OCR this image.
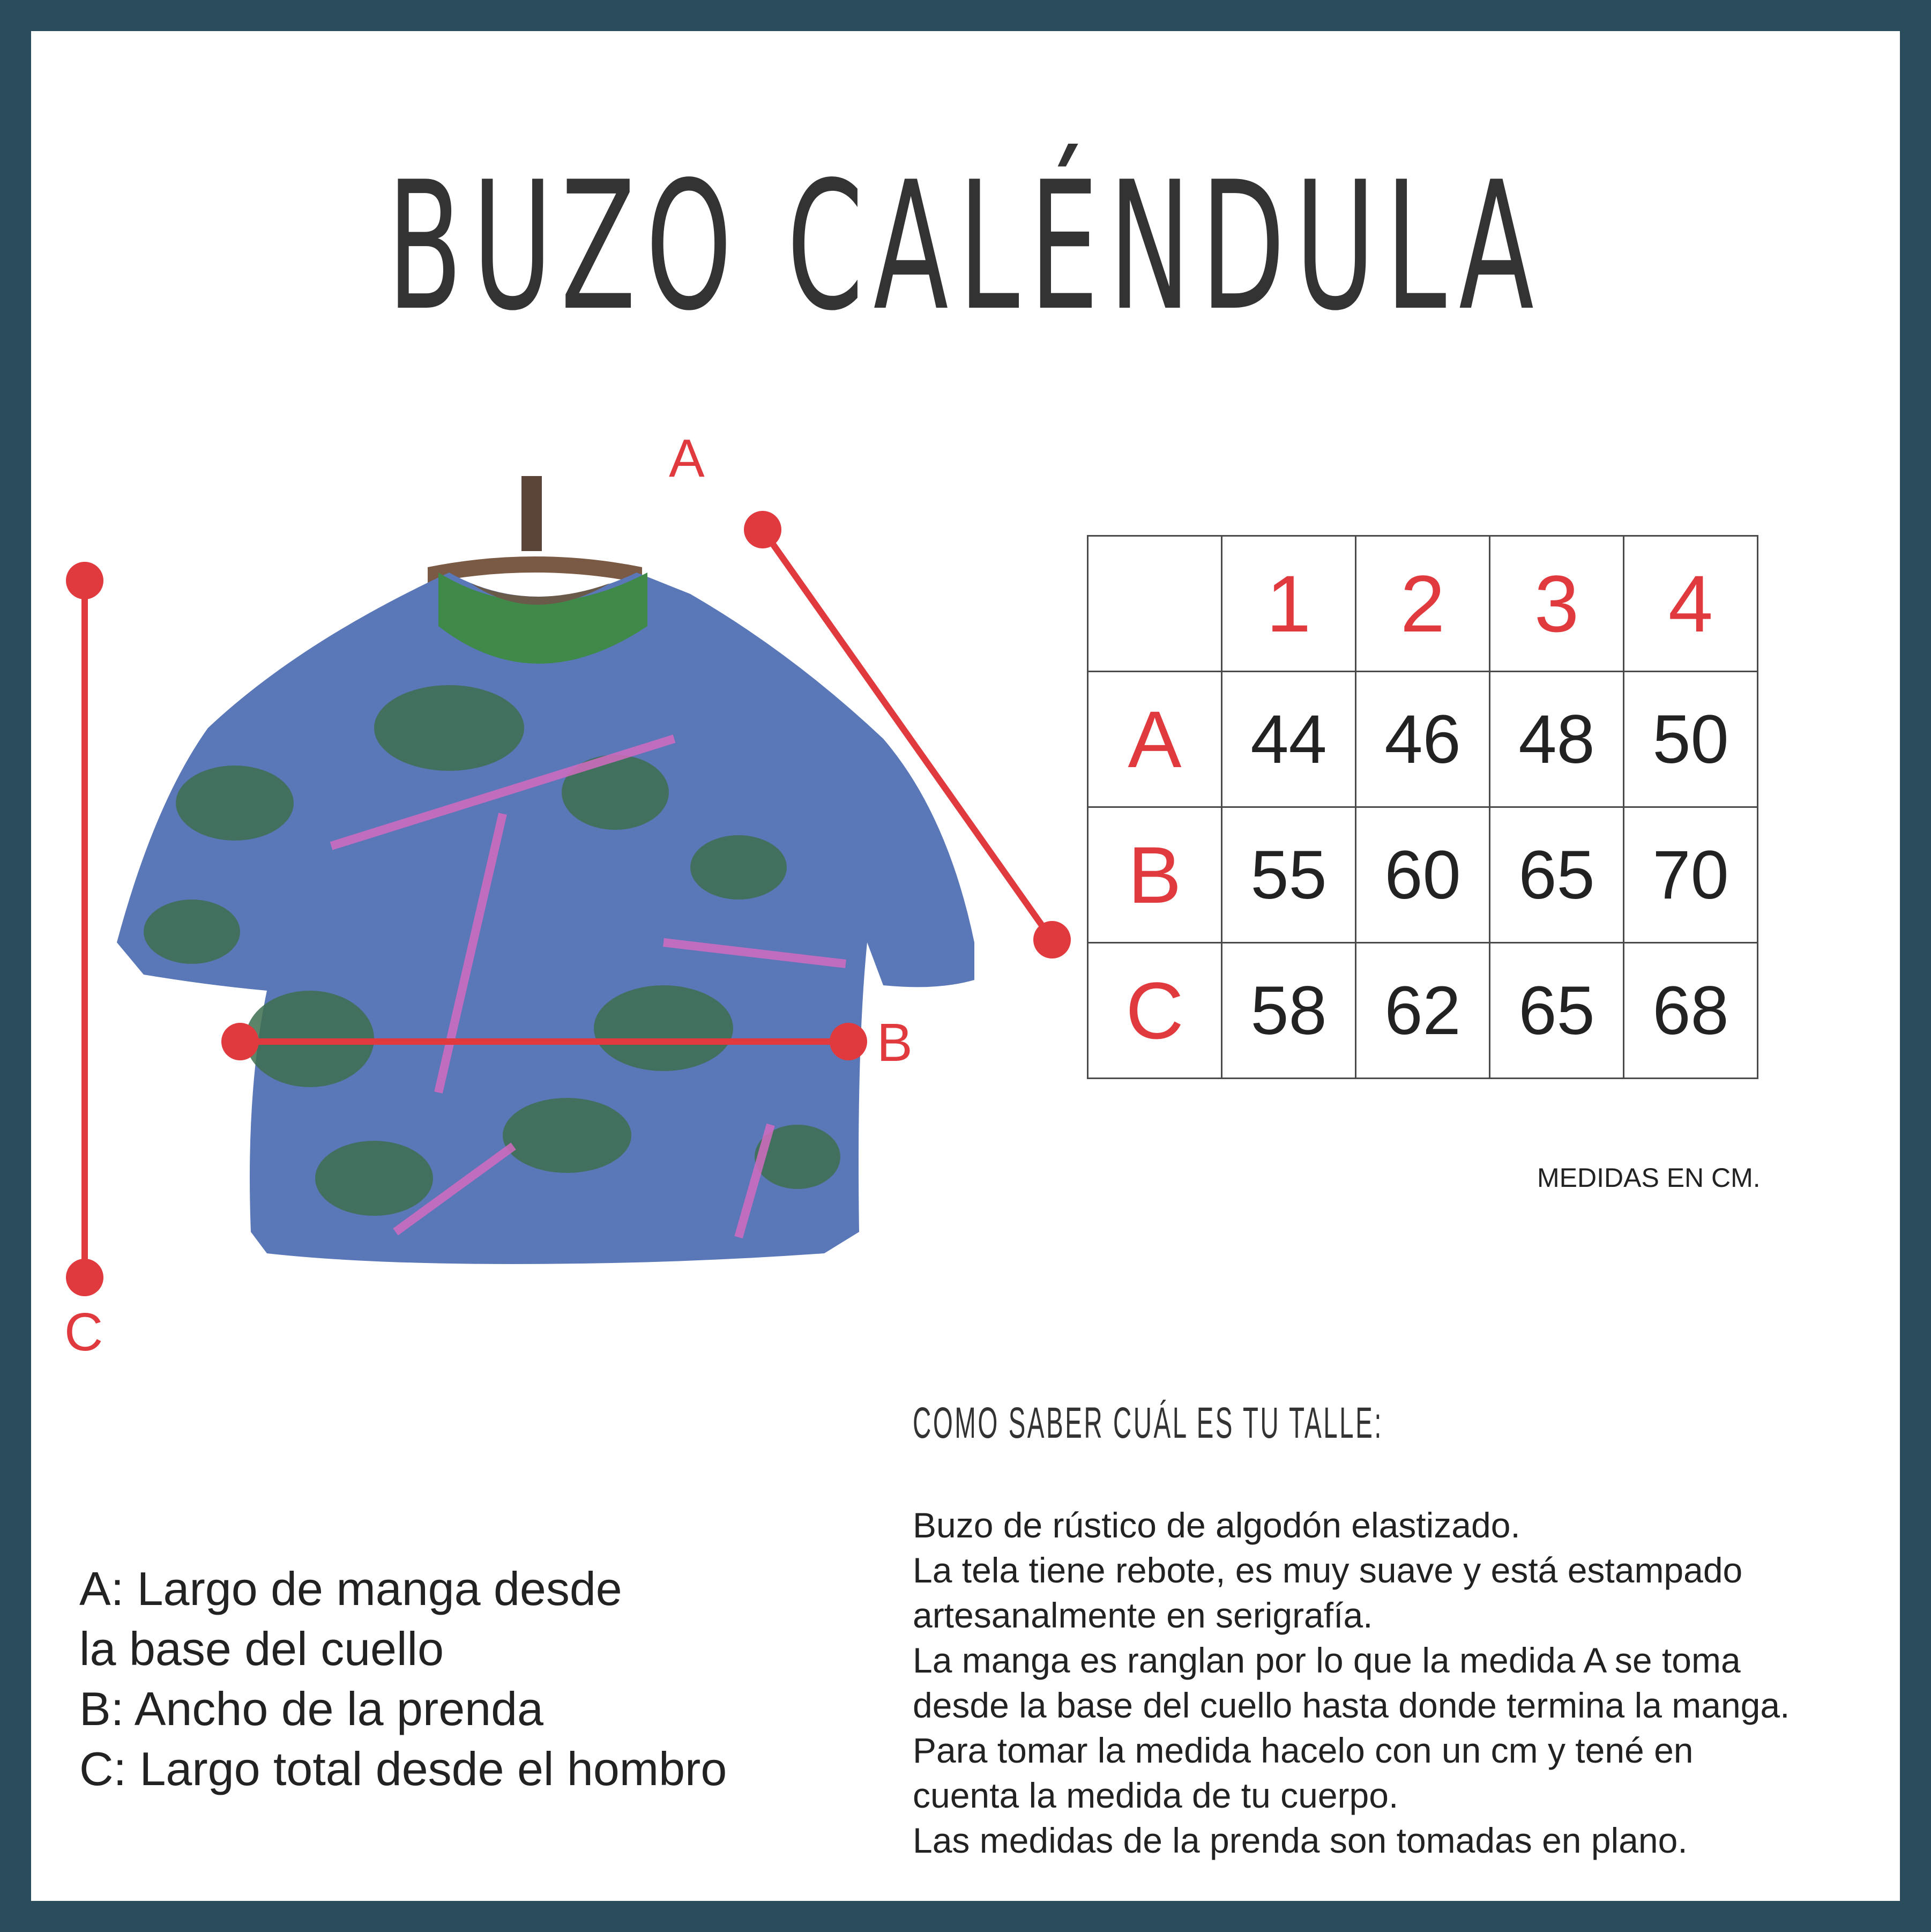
BUZO CALÉNDULA
A
B
C
	1	2	3	4
A	44	46	48	50
B	55	60	65	70
C	58	62	65	68
MEDIDAS EN CM.
A: Largo de manga desde
la base del cuello
B: Ancho de la prenda
C: Largo total desde el hombro
COMO SABER CUÁL ES TU TALLE:
Buzo de rústico de algodón elastizado.
La tela tiene rebote, es muy suave y está estampado
artesanalmente en serigrafía.
La manga es ranglan por lo que la medida A se toma
desde la base del cuello hasta donde termina la manga.
Para tomar la medida hacelo con un cm y tené en
cuenta la medida de tu cuerpo.
Las medidas de la prenda son tomadas en plano.
